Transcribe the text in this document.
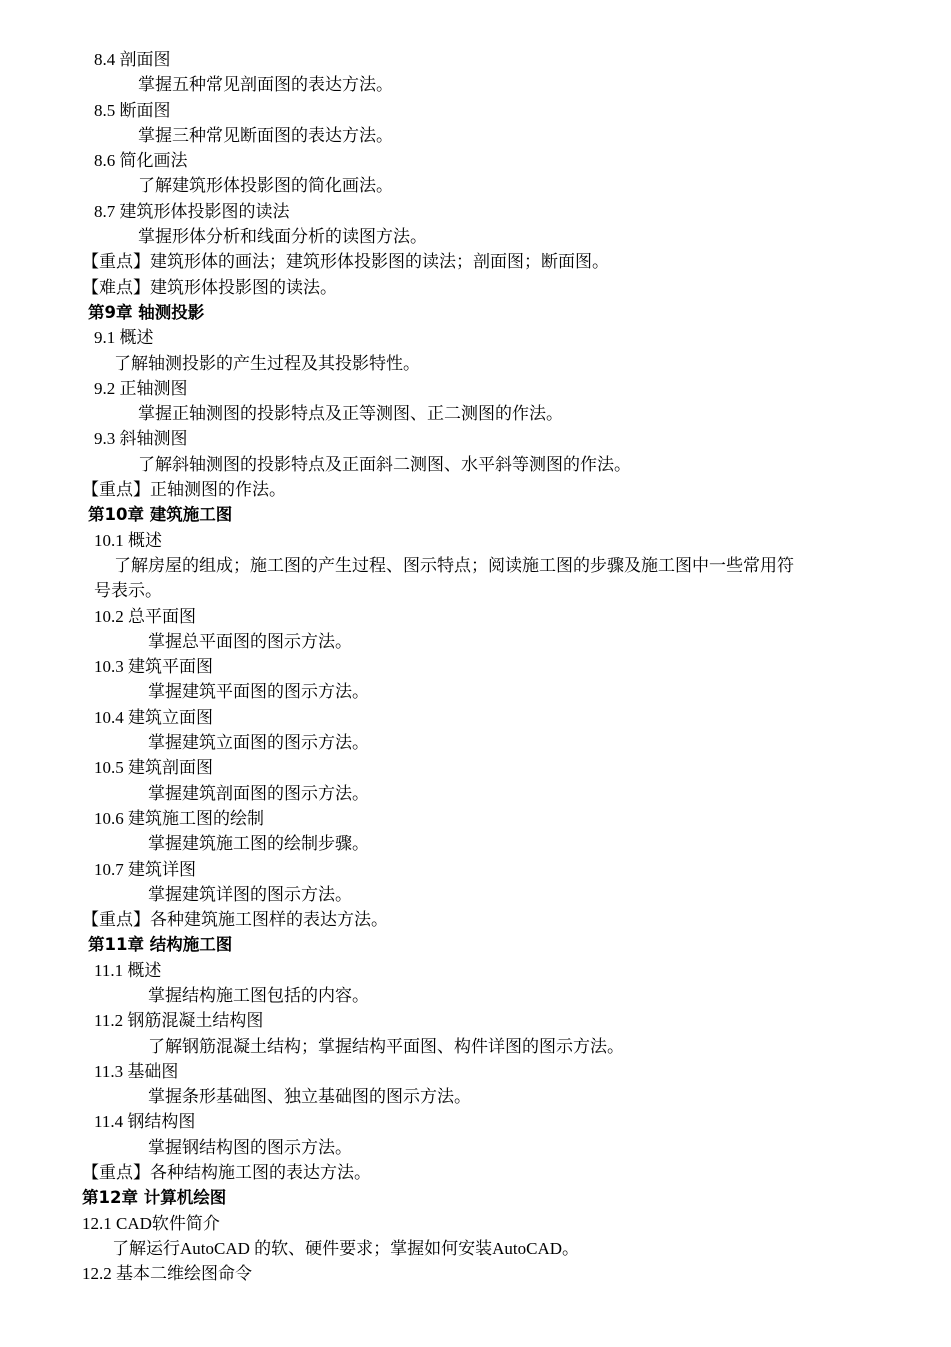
8.4 剖面图
掌握五种常见剖面图的表达方法。
8.5 断面图
掌握三种常见断面图的表达方法。
8.6 简化画法
了解建筑形体投影图的简化画法。
8.7 建筑形体投影图的读法
掌握形体分析和线面分析的读图方法。
【重点】建筑形体的画法；建筑形体投影图的读法；剖面图；断面图。
【难点】建筑形体投影图的读法。
第9章 轴测投影
9.1 概述
了解轴测投影的产生过程及其投影特性。
9.2 正轴测图
掌握正轴测图的投影特点及正等测图、正二测图的作法。
9.3 斜轴测图
了解斜轴测图的投影特点及正面斜二测图、水平斜等测图的作法。
【重点】正轴测图的作法。
第10章 建筑施工图
10.1 概述
了解房屋的组成；施工图的产生过程、图示特点；阅读施工图的步骤及施工图中一些常用符
号表示。
10.2 总平面图
掌握总平面图的图示方法。
10.3 建筑平面图
掌握建筑平面图的图示方法。
10.4 建筑立面图
掌握建筑立面图的图示方法。
10.5 建筑剖面图
掌握建筑剖面图的图示方法。
10.6 建筑施工图的绘制
掌握建筑施工图的绘制步骤。
10.7 建筑详图
掌握建筑详图的图示方法。
【重点】各种建筑施工图样的表达方法。
第11章 结构施工图
11.1 概述
掌握结构施工图包括的内容。
11.2 钢筋混凝土结构图
了解钢筋混凝土结构；掌握结构平面图、构件详图的图示方法。
11.3 基础图
掌握条形基础图、独立基础图的图示方法。
11.4 钢结构图
掌握钢结构图的图示方法。
【重点】各种结构施工图的表达方法。
第12章 计算机绘图
12.1 CAD软件简介
了解运行AutoCAD 的软、硬件要求；掌握如何安装AutoCAD。
12.2 基本二维绘图命令
